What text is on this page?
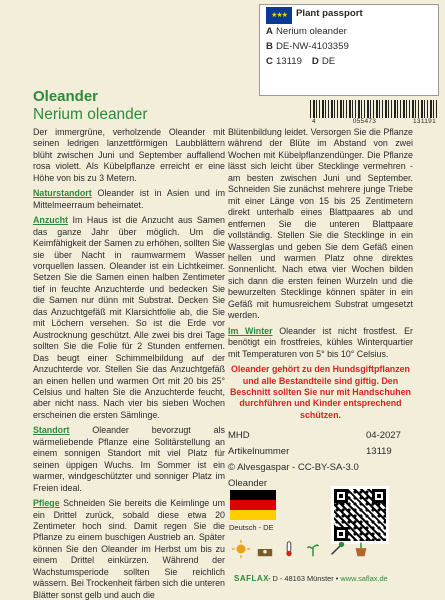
★★★ Plant passport
A Nerium oleander
B DE-NW-4103359
C 13119 D DE
4	055473	131191
Oleander
Nerium oleander

Der immergrüne, verholzende Oleander mit seinen ledrigen lanzettförmigen Laubblättern blüht zwischen Juni und September auffallend rosa violett. Als Kübelpflanze erreicht er eine Höhe von bis zu 3 Metern.

Naturstandort Oleander ist in Asien und im Mittelmeerraum beheimatet.

Anzucht Im Haus ist die Anzucht aus Samen das ganze Jahr über möglich. Um die Keimfähigkeit der Samen zu erhöhen, sollten Sie sie über Nacht in raumwarmem Wasser vorquellen lassen. Oleander ist ein Lichtkeimer. Setzen Sie die Samen einen halben Zentimeter tief in feuchte Anzuchterde und bedecken Sie die Samen nur dünn mit Substrat. Decken Sie das Anzuchtgefäß mit Klarsichtfolie ab, die Sie mit Löchern versehen. So ist die Erde vor Austrocknung geschützt. Alle zwei bis drei Tage sollten Sie die Folie für 2 Stunden entfernen. Das beugt einer Schimmelbildung auf der Anzuchterde vor. Stellen Sie das Anzuchtgefäß an einen hellen und warmen Ort mit 20 bis 25° Celsius und halten Sie die Anzuchterde feucht, aber nicht nass. Nach vier bis sieben Wochen erscheinen die ersten Sämlinge.

Standort Oleander bevorzugt als wärmeliebende Pflanze eine Solitärstellung an einem sonnigen Standort mit viel Platz für seinen üppigen Wuchs. Im Sommer ist ein warmer, windgeschützter und sonniger Platz im Freien ideal.

Pflege Schneiden Sie bereits die Keimlinge um ein Drittel zurück, sobald diese etwa 20 Zentimeter hoch sind. Damit regen Sie die Pflanze zu einem buschigen Austrieb an. Später können Sie den Oleander im Herbst um bis zu einem Drittel einkürzen. Während der Wachstumsperiode sollten Sie reichlich wässern. Bei Trockenheit färben sich die unteren Blätter sonst gelb und auch die

Blütenbildung leidet. Versorgen Sie die Pflanze während der Blüte im Abstand von zwei Wochen mit Kübelpflanzendünger. Die Pflanze lässt sich leicht über Stecklinge vermehren - am besten zwischen Juni und September. Schneiden Sie zunächst mehrere junge Triebe mit einer Länge von 15 bis 25 Zentimetern direkt unterhalb eines Blattpaares ab und entfernen Sie die unteren Blattpaare vollständig. Stellen Sie die Stecklinge in ein Wasserglas und geben Sie dem Gefäß einen hellen und warmen Platz ohne direktes Sonnenlicht. Nach etwa vier Wochen bilden sich dann die ersten feinen Wurzeln und die bewurzelten Stecklinge können später in ein Gefäß mit humusreichem Substrat umgesetzt werden.

Im Winter Oleander ist nicht frostfest. Er benötigt ein frostfreies, kühles Winterquartier mit Temperaturen von 5° bis 10° Celsius.

Oleander gehört zu den Hundsgiftpflanzen und alle Bestandteile sind giftig. Den Beschnitt sollten Sie nur mit Handschuhen durchführen und Kinder entsprechend schützen.

MHD	04-2027
Artikelnummer	13119
© Alvesgaspar - CC-BY-SA-3.0
Oleander
Deutsch - DE
SAFLAX - D - 48163 Münster • www.saflax.de
